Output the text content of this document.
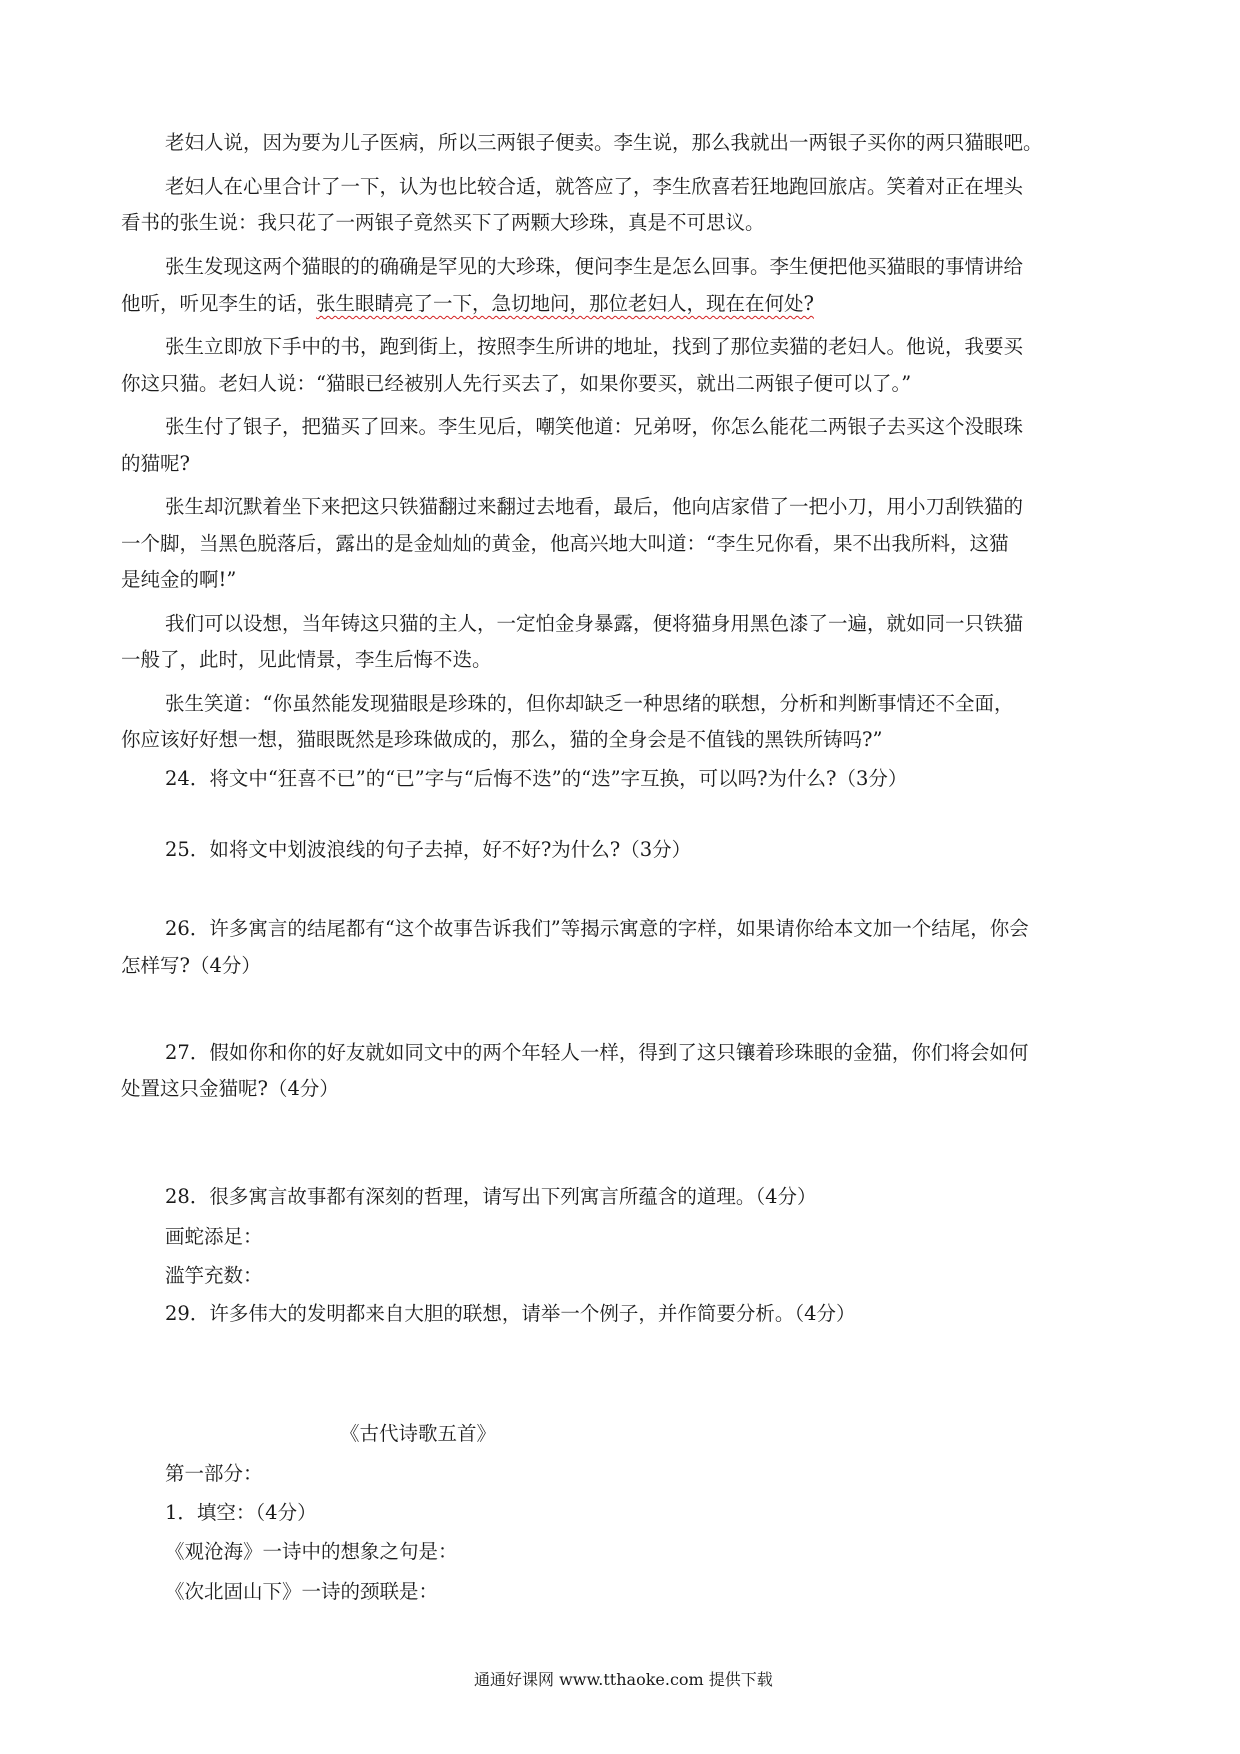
老妇人说，因为要为儿子医病，所以三两银子便卖。李生说，那么我就出一两银子买你的两只猫眼吧。
老妇人在心里合计了一下，认为也比较合适，就答应了，李生欣喜若狂地跑回旅店。笑着对正在埋头
看书的张生说：我只花了一两银子竟然买下了两颗大珍珠，真是不可思议。
张生发现这两个猫眼的的确确是罕见的大珍珠，便问李生是怎么回事。李生便把他买猫眼的事情讲给
他听，听见李生的话，张生眼睛亮了一下，急切地问，那位老妇人，现在在何处?
张生立即放下手中的书，跑到街上，按照李生所讲的地址，找到了那位卖猫的老妇人。他说，我要买
你这只猫。老妇人说：“猫眼已经被别人先行买去了，如果你要买，就出二两银子便可以了。”
张生付了银子，把猫买了回来。李生见后，嘲笑他道：兄弟呀，你怎么能花二两银子去买这个没眼珠
的猫呢?
张生却沉默着坐下来把这只铁猫翻过来翻过去地看，最后，他向店家借了一把小刀，用小刀刮铁猫的
一个脚，当黑色脱落后，露出的是金灿灿的黄金，他高兴地大叫道：“李生兄你看，果不出我所料，这猫
是纯金的啊!”
我们可以设想，当年铸这只猫的主人，一定怕金身暴露，便将猫身用黑色漆了一遍，就如同一只铁猫
一般了，此时，见此情景，李生后悔不迭。
张生笑道：“你虽然能发现猫眼是珍珠的，但你却缺乏一种思绪的联想，分析和判断事情还不全面，
你应该好好想一想，猫眼既然是珍珠做成的，那么，猫的全身会是不值钱的黑铁所铸吗?”
24．将文中“狂喜不已”的“已”字与“后悔不迭”的“迭”字互换，可以吗?为什么?（3分）
25．如将文中划波浪线的句子去掉，好不好?为什么?（3分）
26．许多寓言的结尾都有“这个故事告诉我们”等揭示寓意的字样，如果请你给本文加一个结尾，你会
怎样写?（4分）
27．假如你和你的好友就如同文中的两个年轻人一样，得到了这只镶着珍珠眼的金猫，你们将会如何
处置这只金猫呢?（4分）
28．很多寓言故事都有深刻的哲理，请写出下列寓言所蕴含的道理。（4分）
画蛇添足：
滥竽充数：
29．许多伟大的发明都来自大胆的联想，请举一个例子，并作简要分析。（4分）
《古代诗歌五首》
第一部分：
1．填空：（4分）
《观沧海》一诗中的想象之句是：
《次北固山下》一诗的颈联是：
通通好课网 www.tthaoke.com 提供下载
